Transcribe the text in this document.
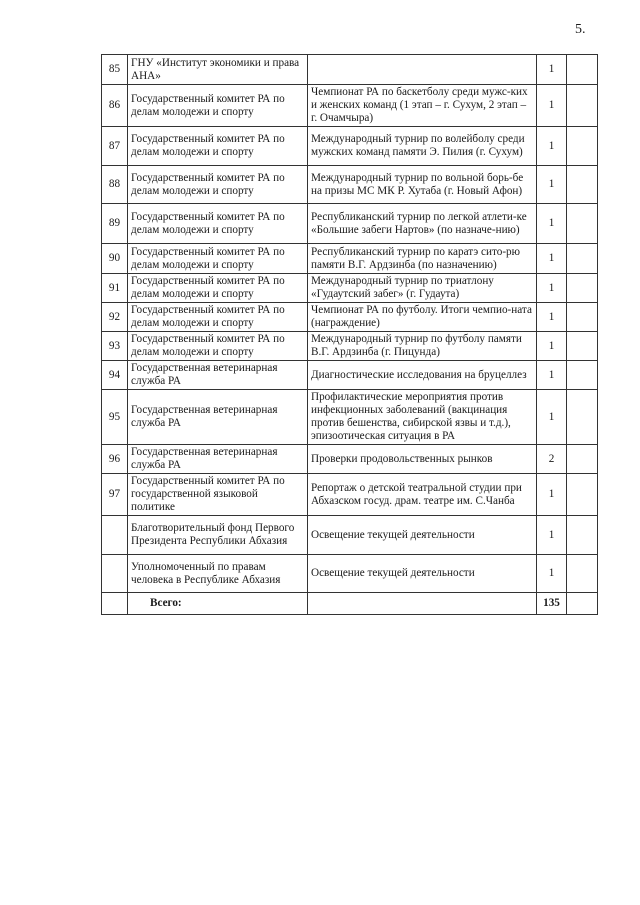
5.
85	ГНУ «Институт экономики и права АНА»		1	
86	Государственный комитет РА по делам молодежи и спорту	Чемпионат РА по баскетболу среди мужс-ких и женских команд (1 этап – г. Сухум, 2 этап – г. Очамчыра)	1	
87	Государственный комитет РА по делам молодежи и спорту	Международный турнир по волейболу среди мужских команд памяти Э. Пилия (г. Сухум)	1	
88	Государственный комитет РА по делам молодежи и спорту	Международный турнир по вольной борь-бе на призы МС МК Р. Хутаба (г. Новый Афон)	1	
89	Государственный комитет РА по делам молодежи и спорту	Республиканский турнир по легкой атлети-ке «Большие забеги Нартов» (по назначе-нию)	1	
90	Государственный комитет РА по делам молодежи и спорту	Республиканский турнир по каратэ сито-рю памяти В.Г. Ардзинба (по назначению)	1	
91	Государственный комитет РА по делам молодежи и спорту	Международный турнир по триатлону «Гудаутский забег» (г. Гудаута)	1	
92	Государственный комитет РА по делам молодежи и спорту	Чемпионат РА по футболу. Итоги чемпио-ната (награждение)	1	
93	Государственный комитет РА по делам молодежи и спорту	Международный турнир по футболу памяти В.Г. Ардзинба (г. Пицунда)	1	
94	Государственная ветеринарная служба РА	Диагностические исследования на бруцеллез	1	
95	Государственная ветеринарная служба РА	Профилактические мероприятия против инфекционных заболеваний (вакцинация против бешенства, сибирской язвы и т.д.), эпизоотическая ситуация в РА	1	
96	Государственная ветеринарная служба РА	Проверки продовольственных рынков	2	
97	Государственный комитет РА по государственной языковой политике	Репортаж о детской театральной студии при Абхазском госуд. драм. театре им. С.Чанба	1	
	Благотворительный фонд Первого Президента Республики Абхазия	Освещение текущей деятельности	1	
	Уполномоченный по правам человека в Республике Абхазия	Освещение текущей деятельности	1	
	Всего:		135	
